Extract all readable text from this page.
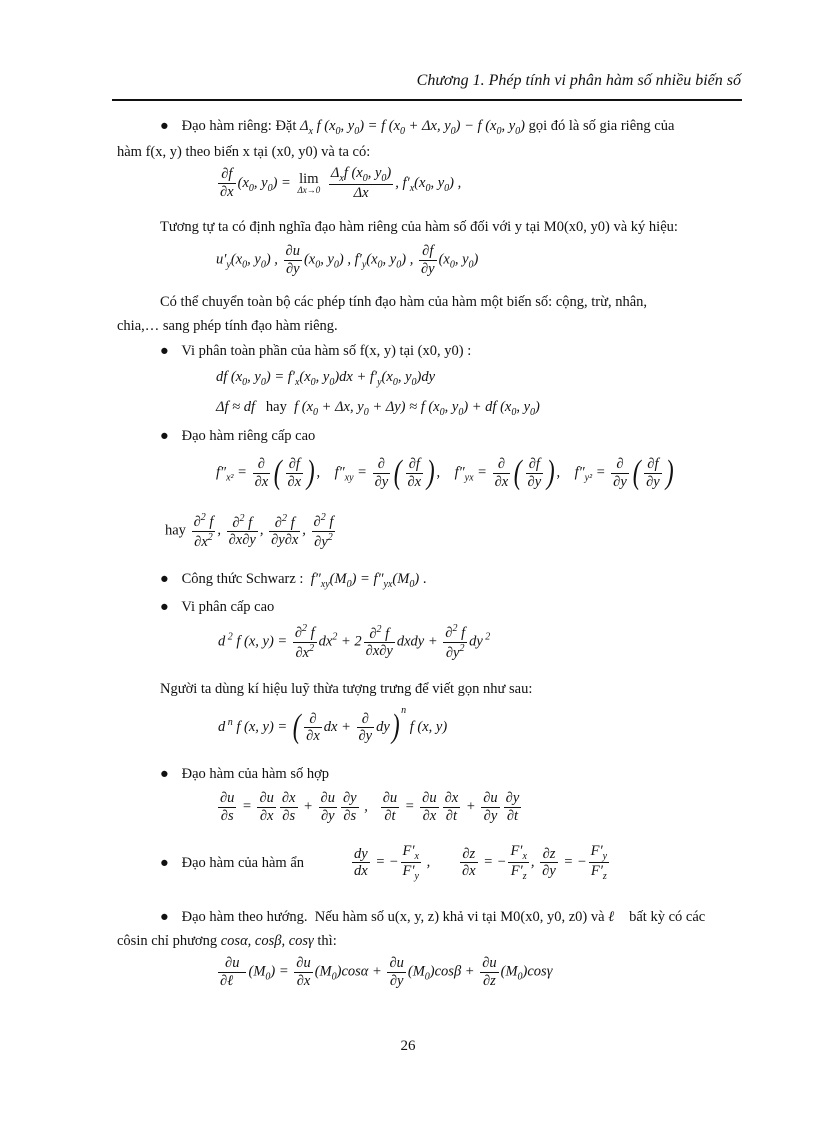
Chương 1. Phép tính vi phân hàm số nhiều biến số
● Đạo hàm riêng: Đặt $\Delta_x$ f ($x_0$, $y_0) = f$ ($x_0 + \Delta x$, $y_0) - f$ ($x_0$, $y_0$) gọi đó là số gia riêng của
hàm f(x, y) theo biến x tại (x0, y0) và ta có:
$\frac{\partial f}{\partial x} (x_0$, $y_0) = \lim$
Δx→0
$\frac{\Delta_xf (x_0, y_0)}{\Delta x}$ , $f'_x(x_0$, $y_0$) ,
Tương tự ta có định nghĩa đạo hàm riêng của hàm số đối với y tại M0(x0, y0) và ký hiệu:
$u'_y(x_0$, $y_0$) , $\frac{\partial u}{\partial y} (x_0$, $y_0$) , $f'_y(x_0$, $y_0$) , $\frac{\partial f}{\partial y} (x_0$, $y_0$)
Có thể chuyển toàn bộ các phép tính đạo hàm của hàm một biến số: cộng, trừ, nhân,
chia,… sang phép tính đạo hàm riêng.
● Vi phân toàn phần của hàm số f(x, y) tại (x0, y0) :
df ($x_0$, $y_0) = f'_x(x_0$, $y_0)dx + f'_y(x_0$, $y_0)dy$
Δf ≈ df   hay  f ($x_0 + \Delta x$, $y_0 + \Delta y) \approx f$ ($x_0$, $y_0$) + df ($x_0$, $y_0$)
● Đạo hàm riêng cấp cao
$f''_{x^2} = \frac{\partial}{\partial x}$ ( $\frac{\partial f}{\partial x}$ ) ,    $f''_{xy} = \frac{\partial}{\partial y}$ ( $\frac{\partial f}{\partial x}$ ) ,    $f''_{yx} = \frac{\partial}{\partial x}$ ( $\frac{\partial f}{\partial y}$ ) ,    $f''_{y^2} = \frac{\partial}{\partial y}$ ( $\frac{\partial f}{\partial y}$ )
hay $\frac{\partial^2 f}{\partial x^2}$ , $\frac{\partial^2 f}{\partial x\partial y}$ , $\frac{\partial^2 f}{\partial y\partial x}$ , $\frac{\partial^2 f}{\partial y^2}$
● Công thức Schwarz : $f''_{xy}(M_0) = f''_{yx}(M_0)$ .
● Vi phân cấp cao
d $^2$ f (x, $y) = \frac{\partial^2 f}{\partial x^2} dx^2 + 2 \frac{\partial^2 f}{\partial x\partial y}$ dxdy + $\frac{\partial^2 f}{\partial y^2}$ dy $^2$
Người ta dùng kí hiệu luỹ thừa tượng trưng để viết gọn như sau:
d $^n$ f (x, y) = ( $\frac{\partial}{\partial x}$ dx + $\frac{\partial}{\partial y} dy$) $^n$ f (x, y)
● Đạo hàm của hàm số hợp
$\frac{\partial u}{\partial s} = \frac{\partial u}{\partial x} \frac{\partial x}{\partial s} + \frac{\partial u}{\partial y} \frac{\partial y}{\partial s}$ , $\frac{\partial u}{\partial t} = \frac{\partial u}{\partial x} \frac{\partial x}{\partial t} + \frac{\partial u}{\partial y} \frac{\partial y}{\partial t}$
● Đạo hàm của hàm ẩn	$\frac{dy}{dx}$ = − $\frac{F'_x}{F'_y}$ , $\frac{\partial z}{\partial x}$ = − $\frac{F'_x}{F'_z}$ , $\frac{\partial z}{\partial y}$ = − $\frac{F'_y}{F'_z}$
● Đạo hàm theo hướng. Nếu hàm số u(x, y, z) khả vi tại M0(x0, y0, z0) và ℓ⃗ bất kỳ có các
côsin chỉ phương cosα, cosβ, cosγ thì:
$\frac{\partial u}{\text{∂ℓ⃗}} (M_0) = \frac{\partial u}{\partial x} (M_0)\cos\alpha + \frac{\partial u}{\partial y} (M_0)\cos\beta + \frac{\partial u}{\partial z} (M_0)\cos\gamma$
26
